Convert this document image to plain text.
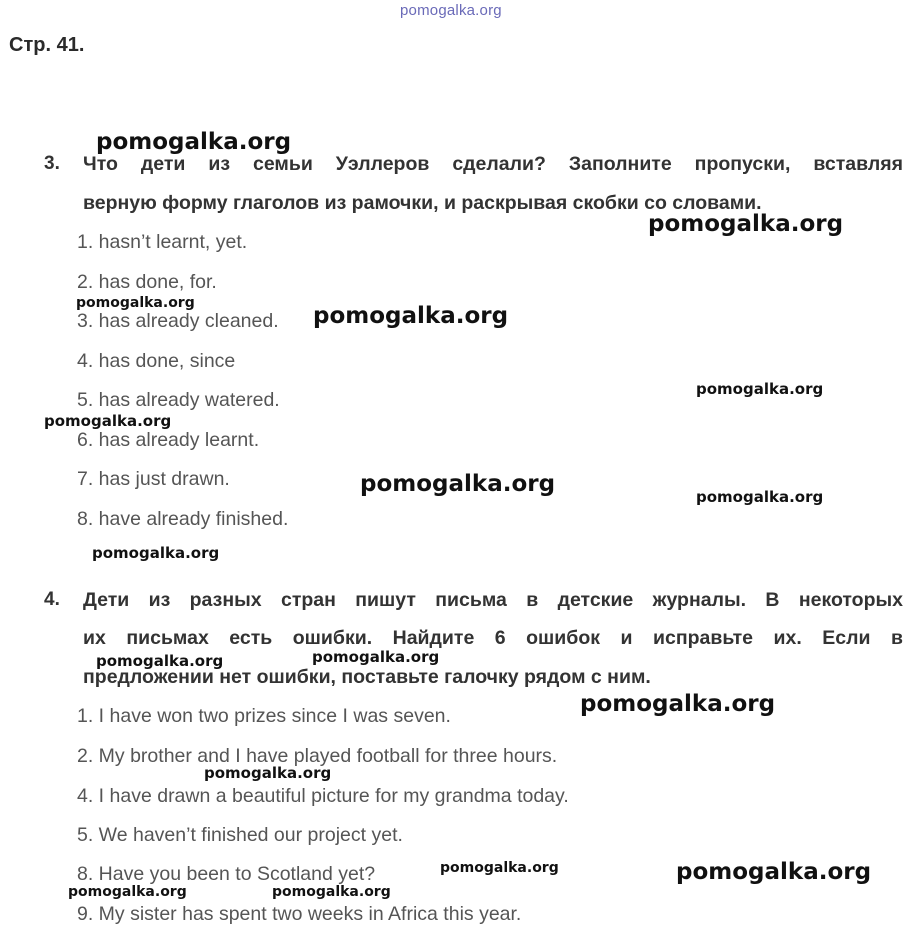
pomogalka.org
Стр. 41.
3. Что дети из семьи Уэллеров сделали? Заполните пропуски, вставляя
верную форму глаголов из рамочки, и раскрывая скобки со словами.
1. hasn’t learnt, yet.
2. has done, for.
3. has already cleaned.
4. has done, since
5. has already watered.
6. has already learnt.
7. has just drawn.
8. have already finished.
4. Дети из разных стран пишут письма в детские журналы. В некоторых
их письмах есть ошибки. Найдите 6 ошибок и исправьте их. Если в
предложении нет ошибки, поставьте галочку рядом с ним.
1. I have won two prizes since I was seven.
2. My brother and I have played football for three hours.
4. I have drawn a beautiful picture for my grandma today.
5. We haven’t finished our project yet.
8. Have you been to Scotland yet?
9. My sister has spent two weeks in Africa this year.
pomogalka.org
pomogalka.org
pomogalka.org	pomogalka.org
pomogalka.org
pomogalka.org
pomogalka.org	pomogalka.org
pomogalka.org
pomogalka.org
pomogalka.org
pomogalka.org
pomogalka.org
pomogalka.org	pomogalka.org
pomogalka.org	pomogalka.org
